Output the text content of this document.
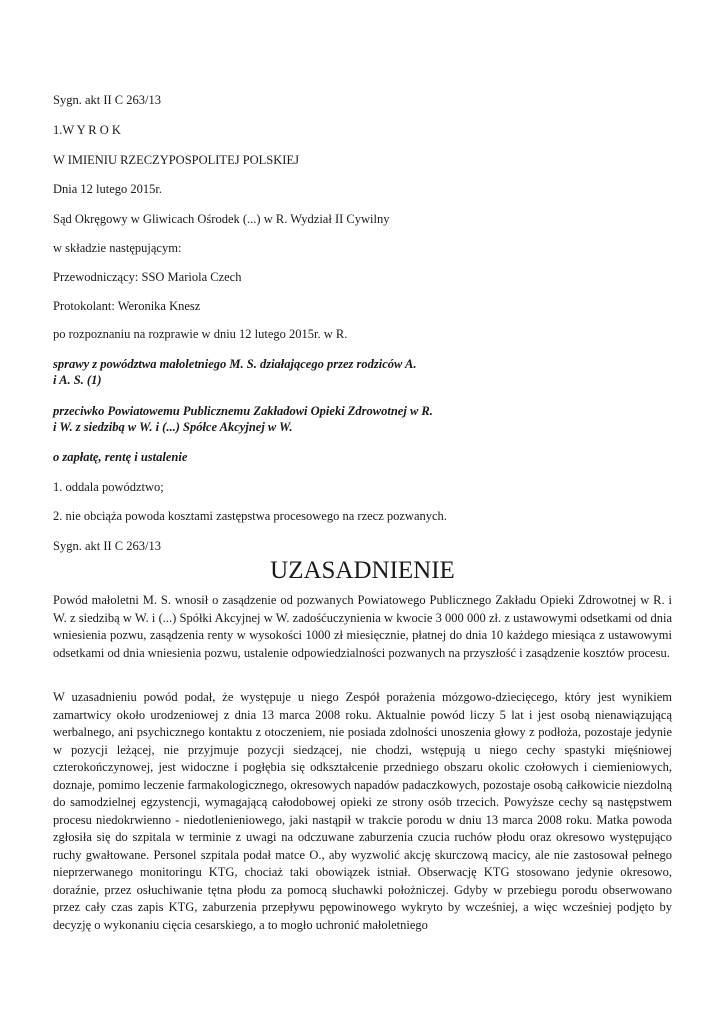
Sygn. akt II C 263/13

1.W Y R O K

W IMIENIU RZECZYPOSPOLITEJ POLSKIEJ

Dnia 12 lutego 2015r.

Sąd Okręgowy w Gliwicach Ośrodek (...) w R. Wydział II Cywilny

w składzie następującym:

Przewodniczący: SSO Mariola Czech

Protokolant: Weronika Knesz

po rozpoznaniu na rozprawie w dniu 12 lutego 2015r. w R.

sprawy z powództwa małoletniego M. S. działającego przez rodziców A.

i A. S. (1)

przeciwko Powiatowemu Publicznemu Zakładowi Opieki Zdrowotnej w R.

i W. z siedzibą w W. i (...) Spółce Akcyjnej w W.

o zapłatę, rentę i ustalenie

1. oddala powództwo;

2. nie obciąża powoda kosztami zastępstwa procesowego na rzecz pozwanych.

Sygn. akt II C 263/13

UZASADNIENIE

Powód małoletni M. S. wnosił o zasądzenie od pozwanych Powiatowego Publicznego Zakładu Opieki Zdrowotnej w R. i W. z siedzibą w W. i (...) Spółki Akcyjnej w W. zadośćuczynienia w kwocie 3 000 000 zł. z ustawowymi odsetkami od dnia wniesienia pozwu, zasądzenia renty w wysokości 1000 zł miesięcznie, płatnej do dnia 10 każdego miesiąca z ustawowymi odsetkami od dnia wniesienia pozwu, ustalenie odpowiedzialności pozwanych na przyszłość i zasądzenie kosztów procesu.

W uzasadnieniu powód podał, że występuje u niego Zespół porażenia mózgowo-dziecięcego, który jest wynikiem zamartwicy około urodzeniowej z dnia 13 marca 2008 roku. Aktualnie powód liczy 5 lat i jest osobą nienawiązującą werbalnego, ani psychicznego kontaktu z otoczeniem, nie posiada zdolności unoszenia głowy z podłoża, pozostaje jedynie w pozycji leżącej, nie przyjmuje pozycji siedzącej, nie chodzi, wstępują u niego cechy spastyki mięśniowej czterokończynowej, jest widoczne i pogłębia się odkształcenie przedniego obszaru okolic czołowych i ciemieniowych, doznaje, pomimo leczenie farmakologicznego, okresowych napadów padaczkowych, pozostaje osobą całkowicie niezdolną do samodzielnej egzystencji, wymagającą całodobowej opieki ze strony osób trzecich. Powyższe cechy są następstwem procesu niedokrwienno - niedotlenieniowego, jaki nastąpił w trakcie porodu w dniu 13 marca 2008 roku. Matka powoda zgłosiła się do szpitala w terminie z uwagi na odczuwane zaburzenia czucia ruchów płodu oraz okresowo występująco ruchy gwałtowane. Personel szpitala podał matce O., aby wyzwolić akcję skurczową macicy, ale nie zastosował pełnego nieprzerwanego monitoringu KTG, chociaż taki obowiązek istniał. Obserwację KTG stosowano jedynie okresowo, doraźnie, przez osłuchiwanie tętna płodu za pomocą słuchawki położniczej. Gdyby w przebiegu porodu obserwowano przez cały czas zapis KTG, zaburzenia przepływu pępowinowego wykryto by wcześniej, a więc wcześniej podjęto by decyzję o wykonaniu cięcia cesarskiego, a to mogło uchronić małoletniego
